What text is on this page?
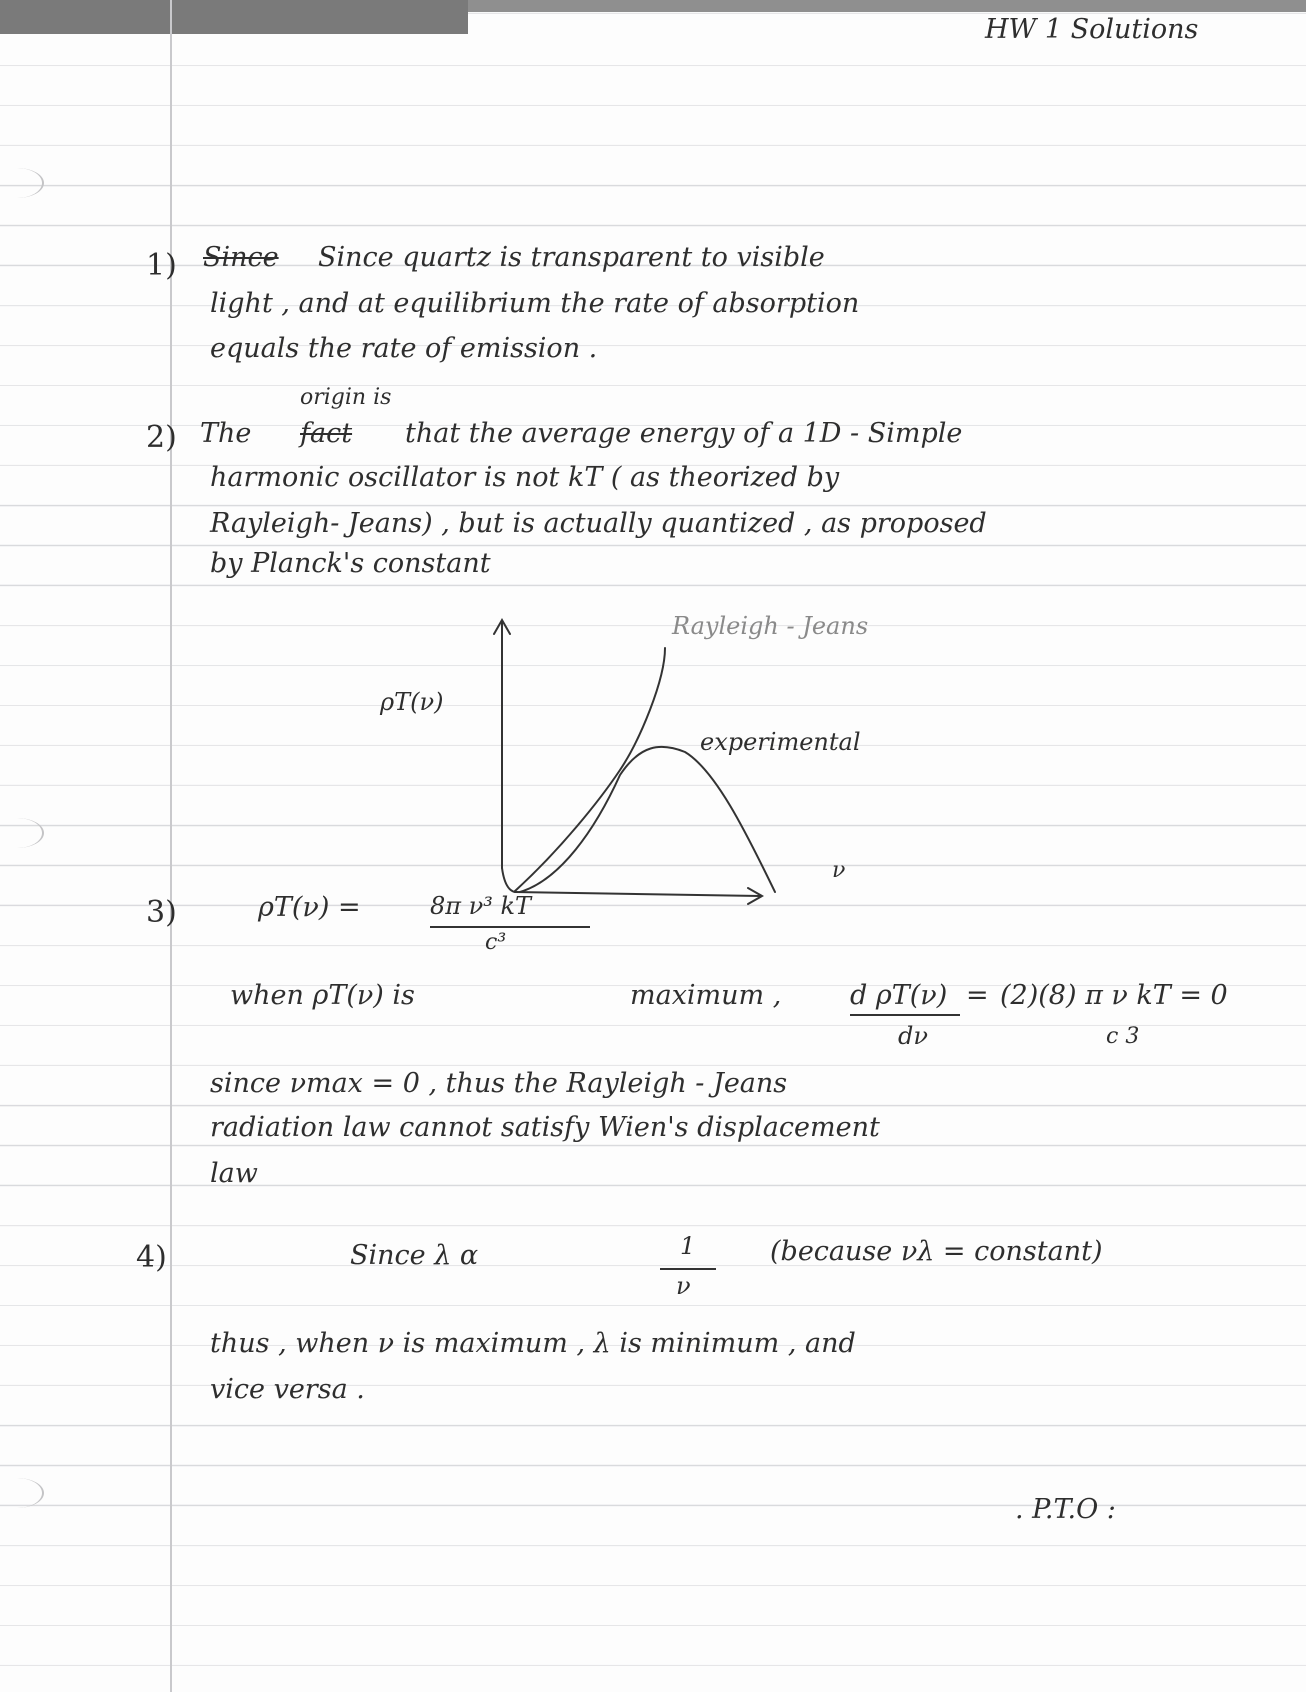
HW 1 Solutions
1) Since Since quartz is transparent to visible
light , and at equilibrium the rate of absorption
equals the rate of emission .
2)
origin is
The fact that the average energy of a 1D - Simple
harmonic oscillator is not kT ( as theorized by
Rayleigh- Jeans) , but is actually quantized , as proposed
by Planck's constant
ρT(ν)
ν
Rayleigh - Jeans
experimental
3)	ρT(ν) =	8π ν³ kT
c³
when ρT(ν) is	maximum ,	d ρT(ν)
dν
= (2)(8) π ν kT = 0
c 3
since νmax = 0 , thus the Rayleigh - Jeans
radiation law cannot satisfy Wien's displacement
law
4)	Since λ α	1
ν
(because νλ = constant)
thus , when ν is maximum , λ is minimum , and
vice versa .
. P.T.O :
